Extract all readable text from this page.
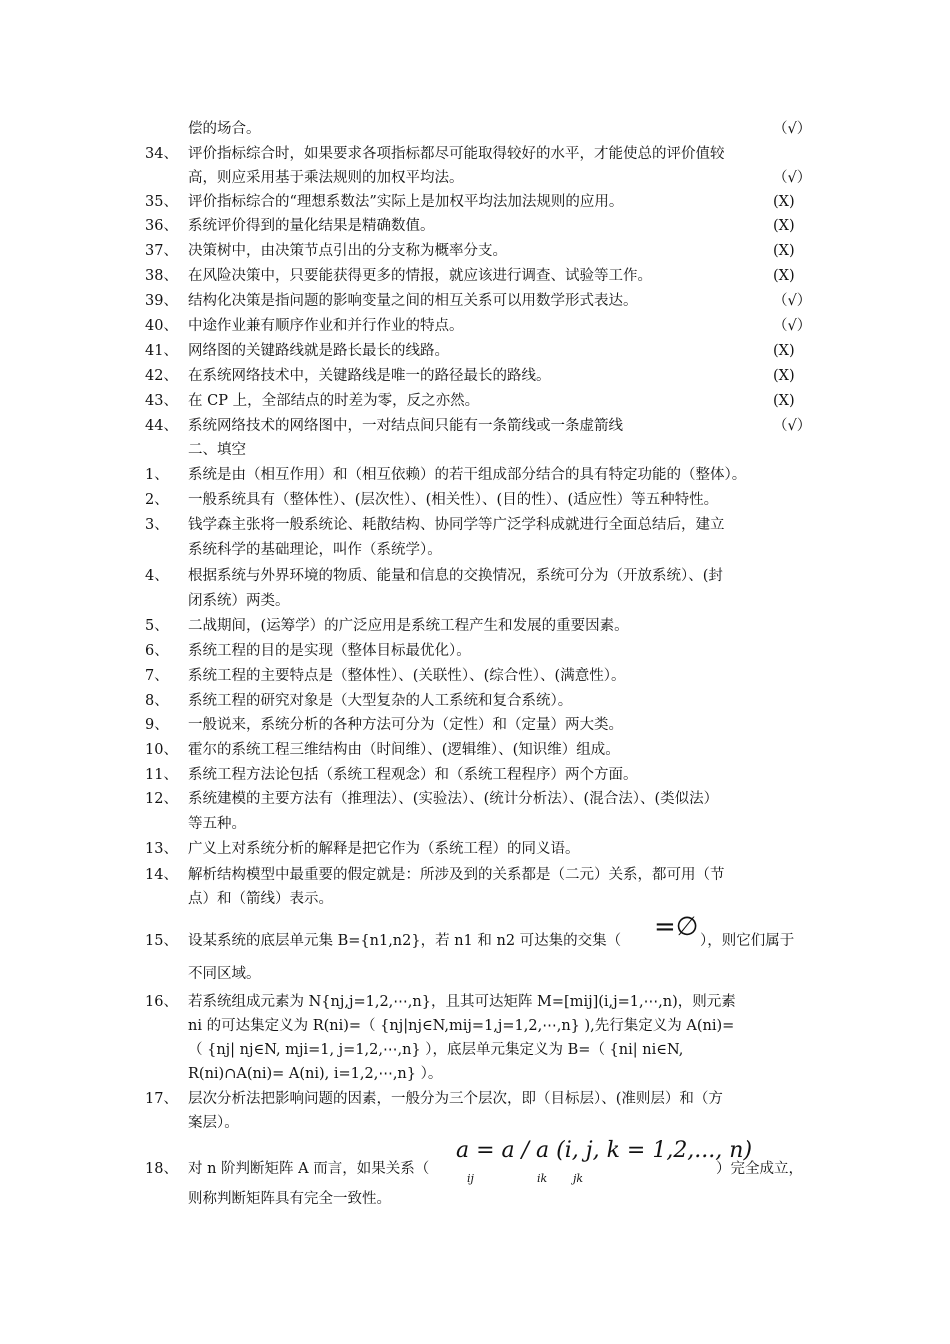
偿的场合。	（√）
34、 评价指标综合时，如果要求各项指标都尽可能取得较好的水平，才能使总的评价值较
高，则应采用基于乘法规则的加权平均法。	（√）
35、 评价指标综合的“理想系数法”实际上是加权平均法加法规则的应用。	(X)
36、 系统评价得到的量化结果是精确数值。	(X)
37、 决策树中，由决策节点引出的分支称为概率分支。	(X)
38、 在风险决策中，只要能获得更多的情报，就应该进行调查、试验等工作。	(X)
39、 结构化决策是指问题的影响变量之间的相互关系可以用数学形式表达。	（√）
40、 中途作业兼有顺序作业和并行作业的特点。	（√）
41、 网络图的关键路线就是路长最长的线路。	(X)
42、 在系统网络技术中，关键路线是唯一的路径最长的路线。	(X)
43、 在 CP 上，全部结点的时差为零，反之亦然。	(X)
44、 系统网络技术的网络图中，一对结点间只能有一条箭线或一条虚箭线	（√）
二、填空
1、 系统是由（相互作用）和（相互依赖）的若干组成部分结合的具有特定功能的（整体）。
2、 一般系统具有（整体性）、(层次性）、(相关性）、(目的性）、(适应性）等五种特性。
3、 钱学森主张将一般系统论、耗散结构、协同学等广泛学科成就进行全面总结后，建立
系统科学的基础理论，叫作（系统学）。
4、 根据系统与外界环境的物质、能量和信息的交换情况，系统可分为（开放系统）、(封
闭系统）两类。
5、 二战期间，(运筹学）的广泛应用是系统工程产生和发展的重要因素。
6、 系统工程的目的是实现（整体目标最优化）。
7、 系统工程的主要特点是（整体性）、(关联性）、(综合性）、(满意性）。
8、 系统工程的研究对象是（大型复杂的人工系统和复合系统）。
9、 一般说来，系统分析的各种方法可分为（定性）和（定量）两大类。
10、 霍尔的系统工程三维结构由（时间维）、(逻辑维）、(知识维）组成。
11、 系统工程方法论包括（系统工程观念）和（系统工程程序）两个方面。
12、 系统建模的主要方法有（推理法）、(实验法）、(统计分析法）、(混合法）、(类似法）
等五种。
13、 广义上对系统分析的解释是把它作为（系统工程）的同义语。
14、 解析结构模型中最重要的假定就是：所涉及到的关系都是（二元）关系，都可用（节
点）和（箭线）表示。
15、 设某系统的底层单元集 B={n1,n2}，若 n1 和 n2 可达集的交集（ =∅ ），则它们属于
不同区域。
16、 若系统组成元素为 N{nj,j=1,2,⋯,n}，且其可达矩阵 M=[mij](i,j=1,⋯,n)，则元素
ni 的可达集定义为 R(ni)=（ {nj|nj∈N,mij=1,j=1,2,⋯,n} ),先行集定义为 A(ni)=
（ {nj| nj∈N, mji=1, j=1,2,⋯,n} ），底层单元集定义为 B=（ {ni| ni∈N,
R(ni)∩A(ni)= A(ni), i=1,2,⋯,n} ）。
17、 层次分析法把影响问题的因素，一般分为三个层次，即（目标层）、(准则层）和（方
案层）。
18、 对 n 阶判断矩阵 A 而言，如果关系（
a = a / a (i, j, k = 1,2,..., n)
ij	ik jk
）完全成立，
则称判断矩阵具有完全一致性。
